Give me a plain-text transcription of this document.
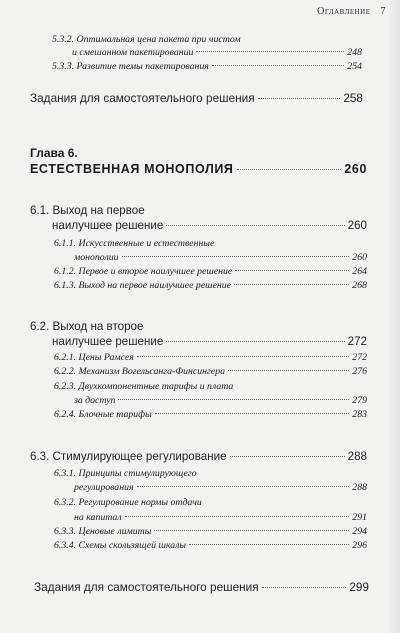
Оглавление 7
5.3.2. Оптимальная цена пакета при чистом
и смешанном пакетировании	248
5.3.3. Развитие темы пакетирования	254
Задания для самостоятельного решения	258
Глава 6.
ЕСТЕСТВЕННАЯ МОНОПОЛИЯ	260
6.1. Выход на первое
наилучшее решение	260
6.1.1. Искусственные и естественные
монополии	260
6.1.2. Первое и второе наилучшее решение	264
6.1.3. Выход на первое наилучшее решение	268
6.2. Выход на второе
наилучшее решение	272
6.2.1. Цены Рамсея	272
6.2.2. Механизм Вогельсанга-Финсингера	276
6.2.3. Двухкомпонентные тарифы и плата
за доступ	279
6.2.4. Блочные тарифы	283
6.3. Стимулирующее регулирование	288
6.3.1. Принципы стимулирующего
регулирования	288
6.3.2. Регулирование нормы отдачи
на капитал	291
6.3.3. Ценовые лимиты	294
6.3.4. Схемы скользящей шкалы	296
Задания для самостоятельного решения	299
